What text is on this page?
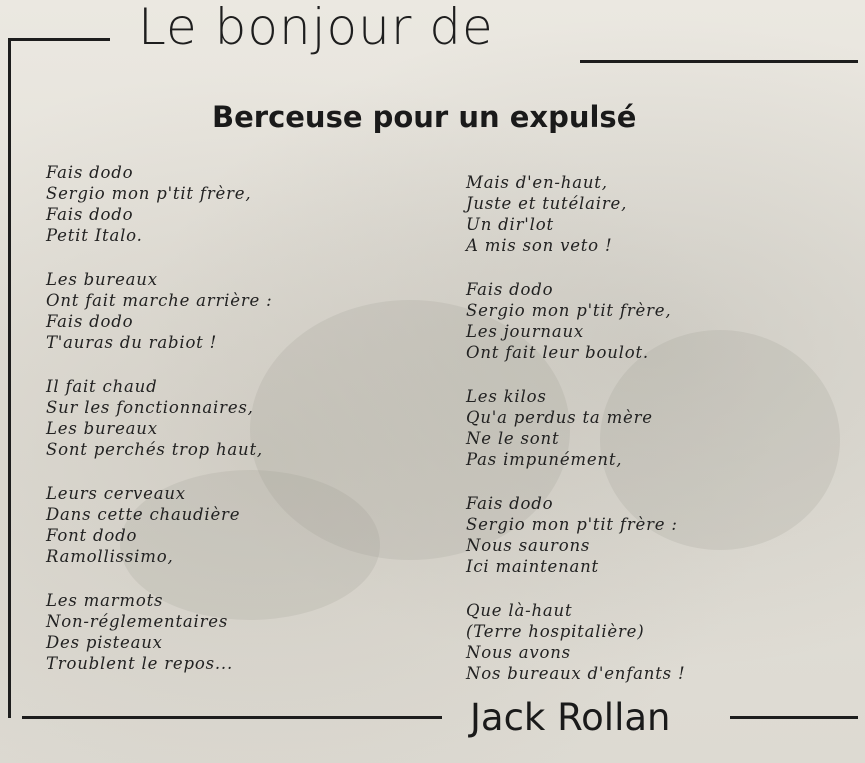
Le bonjour de
Berceuse pour un expulsé

Fais dodo
Sergio mon p'tit frère,
Fais dodo
Petit Italo.

Les bureaux
Ont fait marche arrière :
Fais dodo
T'auras du rabiot !

Il fait chaud
Sur les fonctionnaires,
Les bureaux
Sont perchés trop haut,

Leurs cerveaux
Dans cette chaudière
Font dodo
Ramollissimo,

Les marmots
Non-réglementaires
Des pisteaux
Troublent le repos...

Mais d'en-haut,
Juste et tutélaire,
Un dir'lot
A mis son veto !

Fais dodo
Sergio mon p'tit frère,
Les journaux
Ont fait leur boulot.

Les kilos
Qu'a perdus ta mère
Ne le sont
Pas impunément,

Fais dodo
Sergio mon p'tit frère :
Nous saurons
Ici maintenant

Que là-haut
(Terre hospitalière)
Nous avons
Nos bureaux d'enfants !

Jack Rollan
